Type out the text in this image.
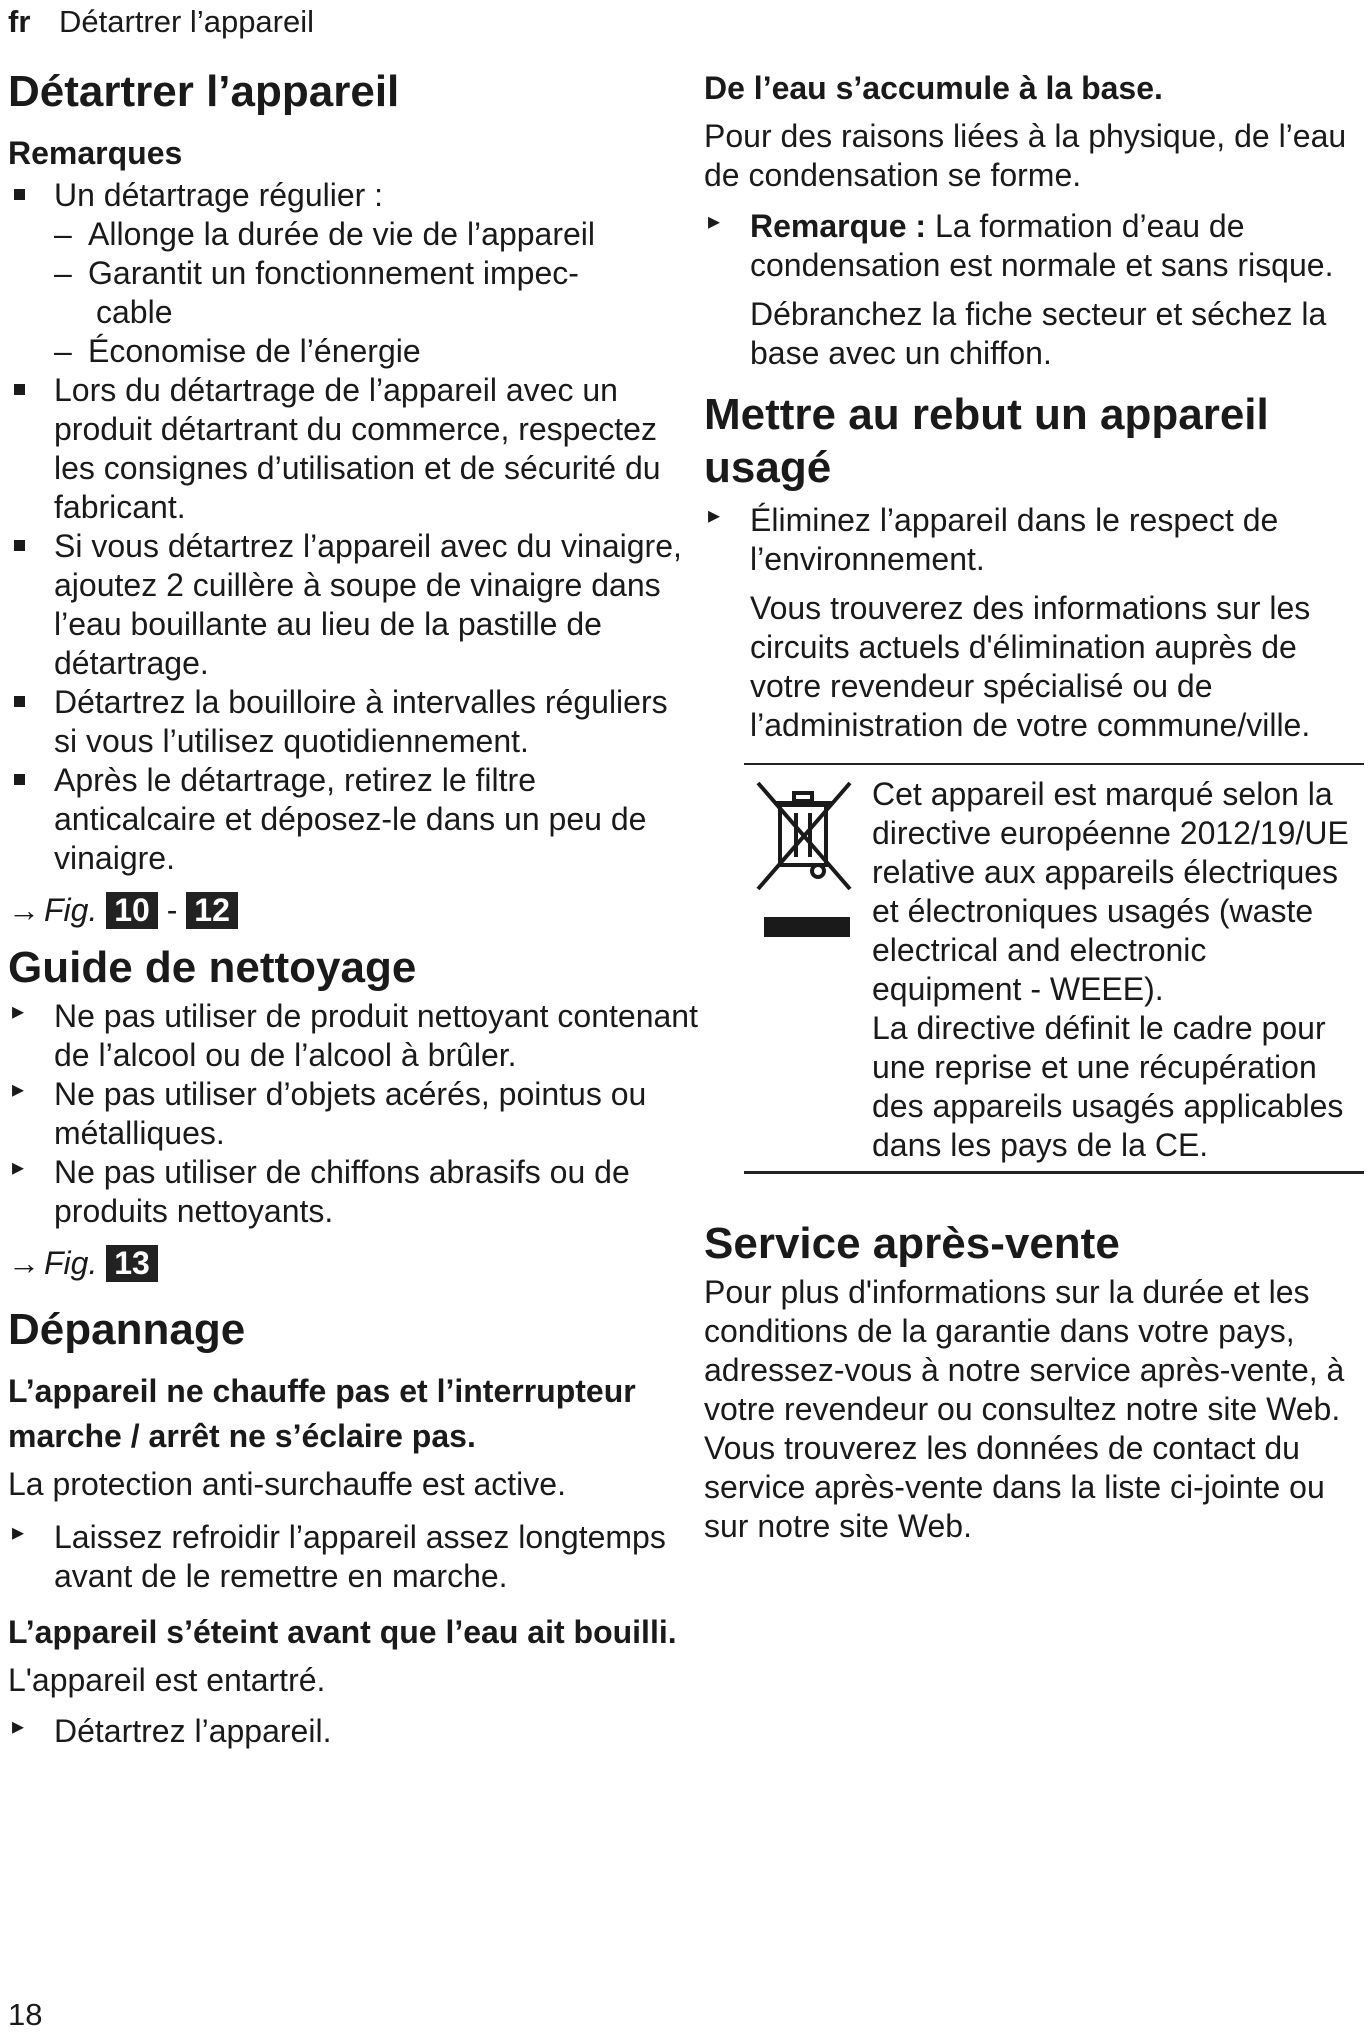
fr Détartrer l’appareil
Détartrer l’appareil
Remarques
Un détartrage régulier :
– Allonge la durée de vie de l’appareil
– Garantit un fonctionnement impec-
cable
– Économise de l’énergie
Lors du détartrage de l’appareil avec un produit détartrant du commerce, respectez les consignes d’utilisation et de sécurité du fabricant.
Si vous détartrez l’appareil avec du vinaigre, ajoutez 2 cuillère à soupe de vinaigre dans l’eau bouillante au lieu de la pastille de détartrage.
Détartrez la bouilloire à intervalles réguliers si vous l’utilisez quotidiennement.
Après le détartrage, retirez le filtre anticalcaire et déposez-le dans un peu de vinaigre.
→ Fig. 10 - 12
Guide de nettoyage
▸ Ne pas utiliser de produit nettoyant contenant de l’alcool ou de l’alcool à brûler.
▸ Ne pas utiliser d’objets acérés, pointus ou métalliques.
▸ Ne pas utiliser de chiffons abrasifs ou de produits nettoyants.
→ Fig. 13
Dépannage
L’appareil ne chauffe pas et l’interrupteur marche / arrêt ne s’éclaire pas.

La protection anti-surchauffe est active.

▸ Laissez refroidir l’appareil assez longtemps avant de le remettre en marche.
L’appareil s’éteint avant que l’eau ait bouilli.

L'appareil est entartré.

▸ Détartrez l’appareil.
De l’eau s’accumule à la base.

Pour des raisons liées à la physique, de l’eau de condensation se forme.

▸ Remarque : La formation d’eau de condensation est normale et sans risque.

Débranchez la fiche secteur et séchez la base avec un chiffon.

Mettre au rebut un appareil usagé
▸ Éliminez l’appareil dans le respect de l’environnement.

Vous trouverez des informations sur les circuits actuels d'élimination auprès de votre revendeur spécialisé ou de l’administration de votre commune/ville.

Cet appareil est marqué selon la directive européenne 2012/19/UE relative aux appareils électriques et électroniques usagés (waste electrical and electronic equipment - WEEE).

La directive définit le cadre pour une reprise et une récupération des appareils usagés applicables dans les pays de la CE.

Service après-vente

Pour plus d'informations sur la durée et les conditions de la garantie dans votre pays, adressez-vous à notre service après-vente, à votre revendeur ou consultez notre site Web.

Vous trouverez les données de contact du service après-vente dans la liste ci-jointe ou sur notre site Web.

18
